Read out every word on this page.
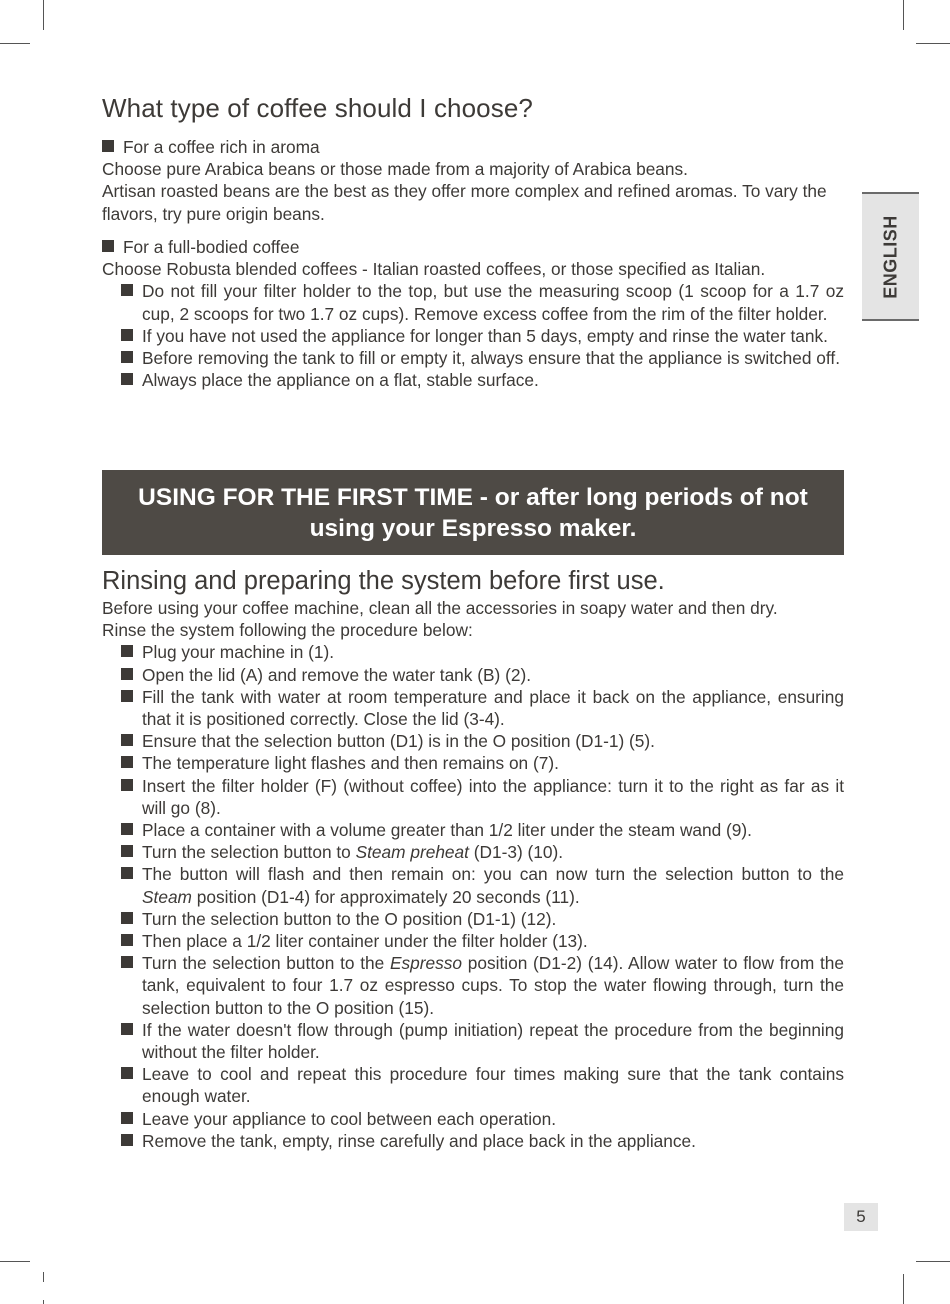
What type of coffee should I choose?

For a coffee rich in aroma

Choose pure Arabica beans or those made from a majority of Arabica beans.

Artisan roasted beans are the best as they offer more complex and refined aromas. To vary the flavors, try pure origin beans.

For a full-bodied coffee

Choose Robusta blended coffees - Italian roasted coffees, or those specified as Italian.

Do not fill your filter holder to the top, but use the measuring scoop (1 scoop for a 1.7 oz cup, 2 scoops for two 1.7 oz cups). Remove excess coffee from the rim of the filter holder.
If you have not used the appliance for longer than 5 days, empty and rinse the water tank.
Before removing the tank to fill or empty it, always ensure that the appliance is switched off.
Always place the appliance on a flat, stable surface.
USING FOR THE FIRST TIME - or after long periods of not using your Espresso maker.
Rinsing and preparing the system before first use.

Before using your coffee machine, clean all the accessories in soapy water and then dry.

Rinse the system following the procedure below:

Plug your machine in (1).
Open the lid (A) and remove the water tank (B) (2).
Fill the tank with water at room temperature and place it back on the appliance, ensuring that it is positioned correctly. Close the lid (3-4).
Ensure that the selection button (D1) is in the O position (D1-1) (5).
The temperature light flashes and then remains on (7).
Insert the filter holder (F) (without coffee) into the appliance: turn it to the right as far as it will go (8).
Place a container with a volume greater than 1/2 liter under the steam wand (9).
Turn the selection button to Steam preheat (D1-3) (10).
The button will flash and then remain on: you can now turn the selection button to the Steam position (D1-4) for approximately 20 seconds (11).
Turn the selection button to the O position (D1-1) (12).
Then place a 1/2 liter container under the filter holder (13).
Turn the selection button to the Espresso position (D1-2) (14). Allow water to flow from the tank, equivalent to four 1.7 oz espresso cups. To stop the water flowing through, turn the selection button to the O position (15).
If the water doesn't flow through (pump initiation) repeat the procedure from the beginning without the filter holder.
Leave to cool and repeat this procedure four times making sure that the tank contains enough water.
Leave your appliance to cool between each operation.
Remove the tank, empty, rinse carefully and place back in the appliance.
ENGLISH
5
